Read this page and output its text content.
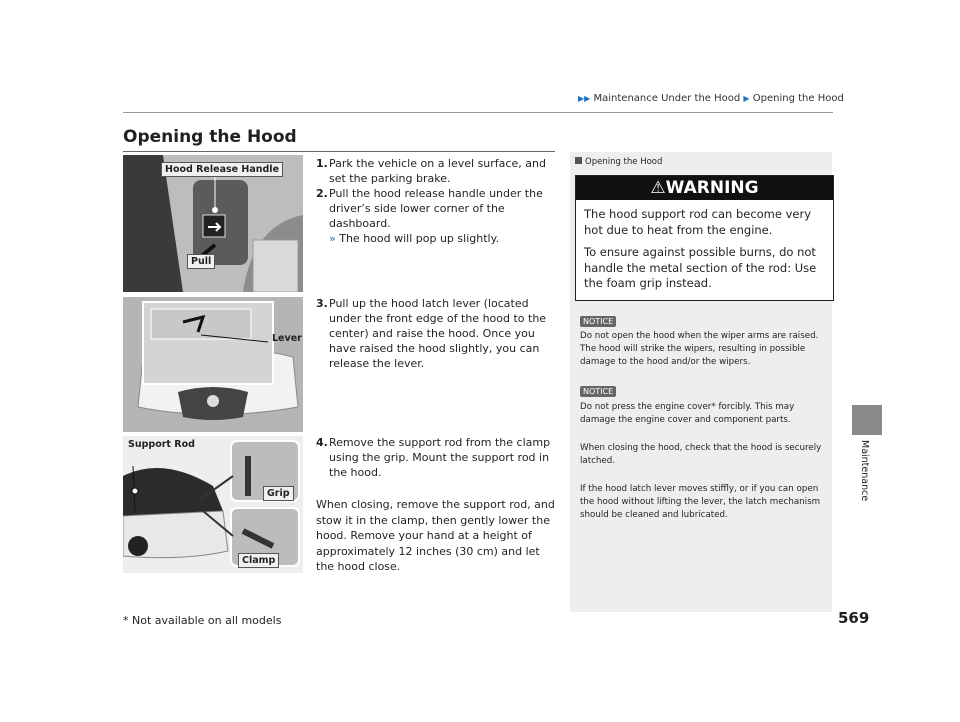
▶▶ Maintenance Under the Hood ▶ Opening the Hood
Opening the Hood
Maintenance
Hood Release Handle
Pull
Lever
Support Rod
Grip
Clamp
1. Park the vehicle on a level surface, and set the parking brake.
2. Pull the hood release handle under the driver’s side lower corner of the dashboard.
» The hood will pop up slightly.
3. Pull up the hood latch lever (located under the front edge of the hood to the center) and raise the hood. Once you have raised the hood slightly, you can release the lever.
4. Remove the support rod from the clamp using the grip. Mount the support rod in the hood.
When closing, remove the support rod, and stow it in the clamp, then gently lower the hood. Remove your hand at a height of approximately 12 inches (30 cm) and let the hood close.
Opening the Hood
⚠WARNING

The hood support rod can become very hot due to heat from the engine.

To ensure against possible burns, do not handle the metal section of the rod: Use the foam grip instead.

NOTICE
Do not open the hood when the wiper arms are raised. The hood will strike the wipers, resulting in possible damage to the hood and/or the wipers.
NOTICE
Do not press the engine cover* forcibly. This may damage the engine cover and component parts.
When closing the hood, check that the hood is securely latched.
If the hood latch lever moves stiffly, or if you can open the hood without lifting the lever, the latch mechanism should be cleaned and lubricated.
* Not available on all models	569
